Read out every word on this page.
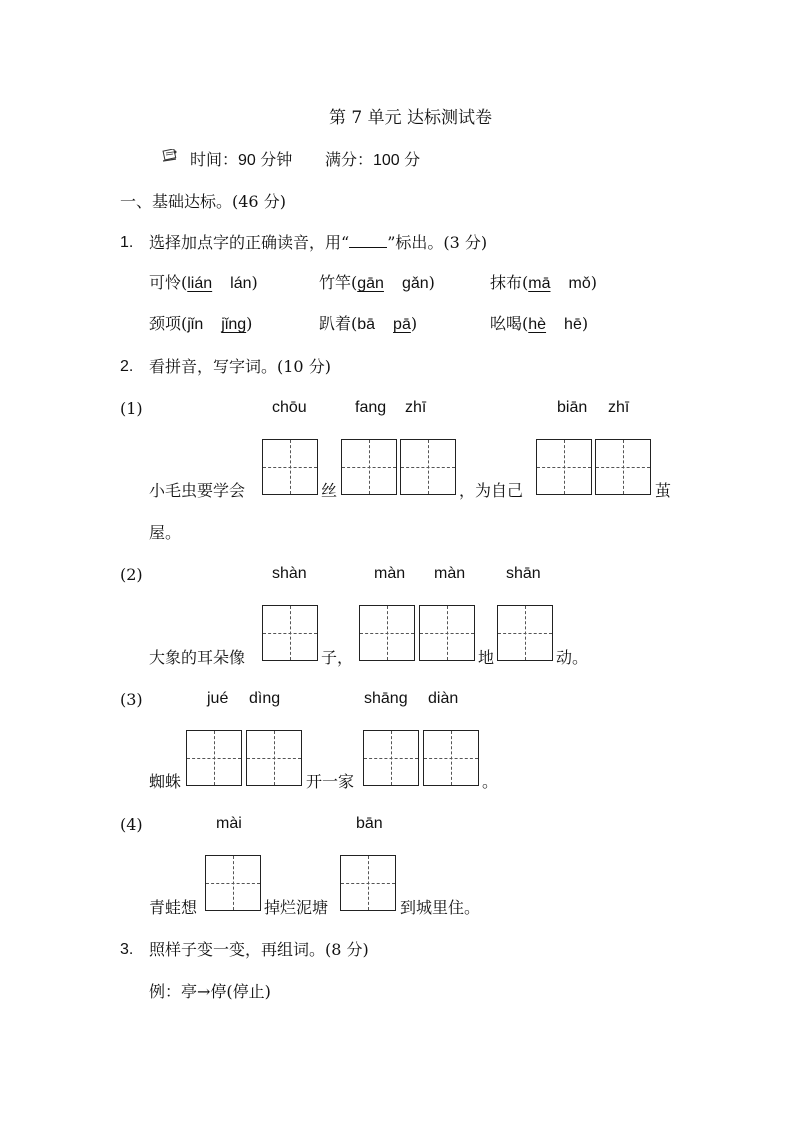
第 7 单元 达标测试卷
时间：90 分钟 满分：100 分
一、基础达标。(46 分)
1. 选择加点字的正确读音，用“ ”标出。(3 分)
可怜(lián lán)	竹竿(gān gǎn)	抹布(mā mǒ)
颈项(jǐn jǐng)	趴着(bā pā)	吆喝(hè hē)
2. 看拼音，写字词。(10 分)
(1)	chōu	fang zhī	biān zhī
小毛虫要学会	丝	，为自己	茧
屋。
(2)	shàn	màn màn	shān
大象的耳朵像	子，	地	动。
(3)	jué dìng	shāng diàn
蜘蛛	开一家	。
(4)	mài	bān
青蛙想	掉烂泥塘	到城里住。
3. 照样子变一变，再组词。(8 分)
例：亭→停(停止)
